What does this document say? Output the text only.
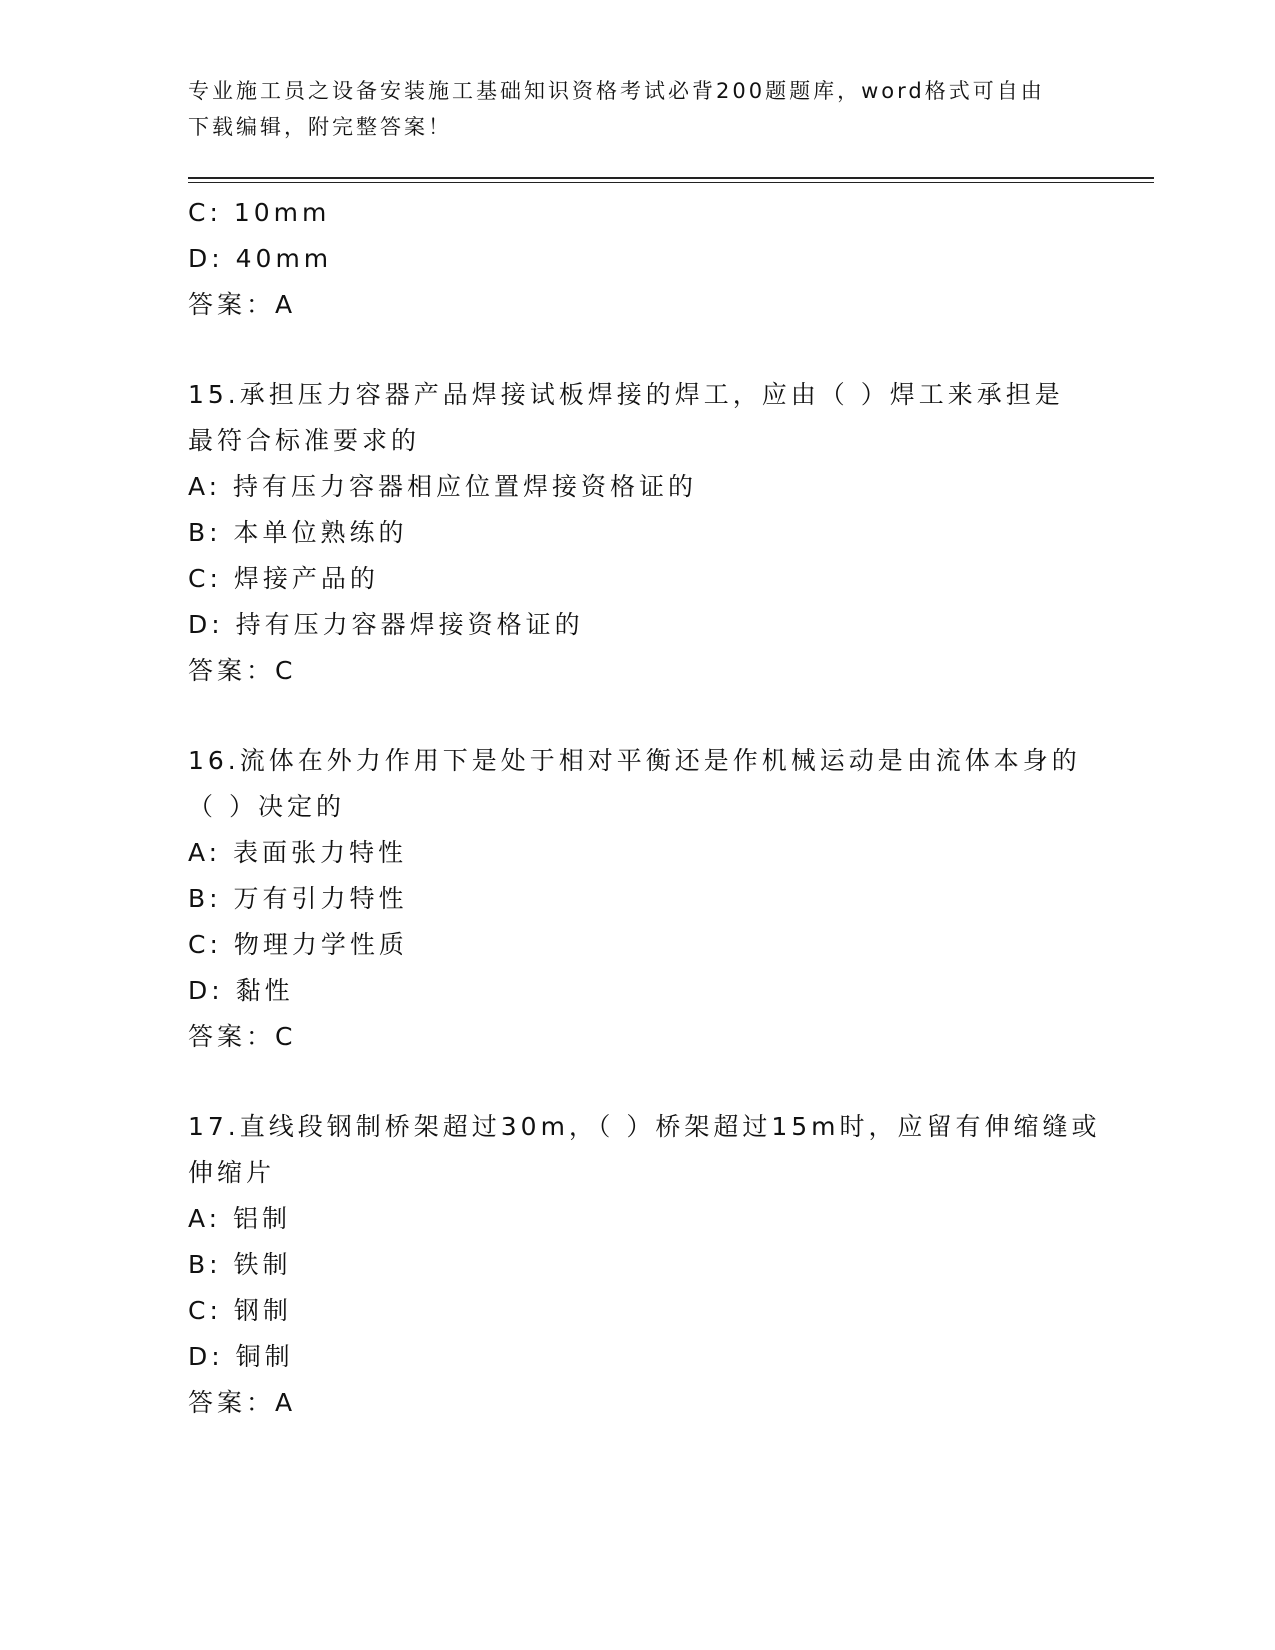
专业施工员之设备安装施工基础知识资格考试必背200题题库，word格式可自由
下载编辑，附完整答案！
C: 10mm
D: 40mm
答案：A
15.承担压力容器产品焊接试板焊接的焊工，应由（ ）焊工来承担是
最符合标准要求的
A: 持有压力容器相应位置焊接资格证的
B: 本单位熟练的
C: 焊接产品的
D: 持有压力容器焊接资格证的
答案：C
16.流体在外力作用下是处于相对平衡还是作机械运动是由流体本身的
（ ）决定的
A: 表面张力特性
B: 万有引力特性
C: 物理力学性质
D: 黏性
答案：C
17.直线段钢制桥架超过30m，（ ）桥架超过15m时，应留有伸缩缝或
伸缩片
A: 铝制
B: 铁制
C: 钢制
D: 铜制
答案：A
